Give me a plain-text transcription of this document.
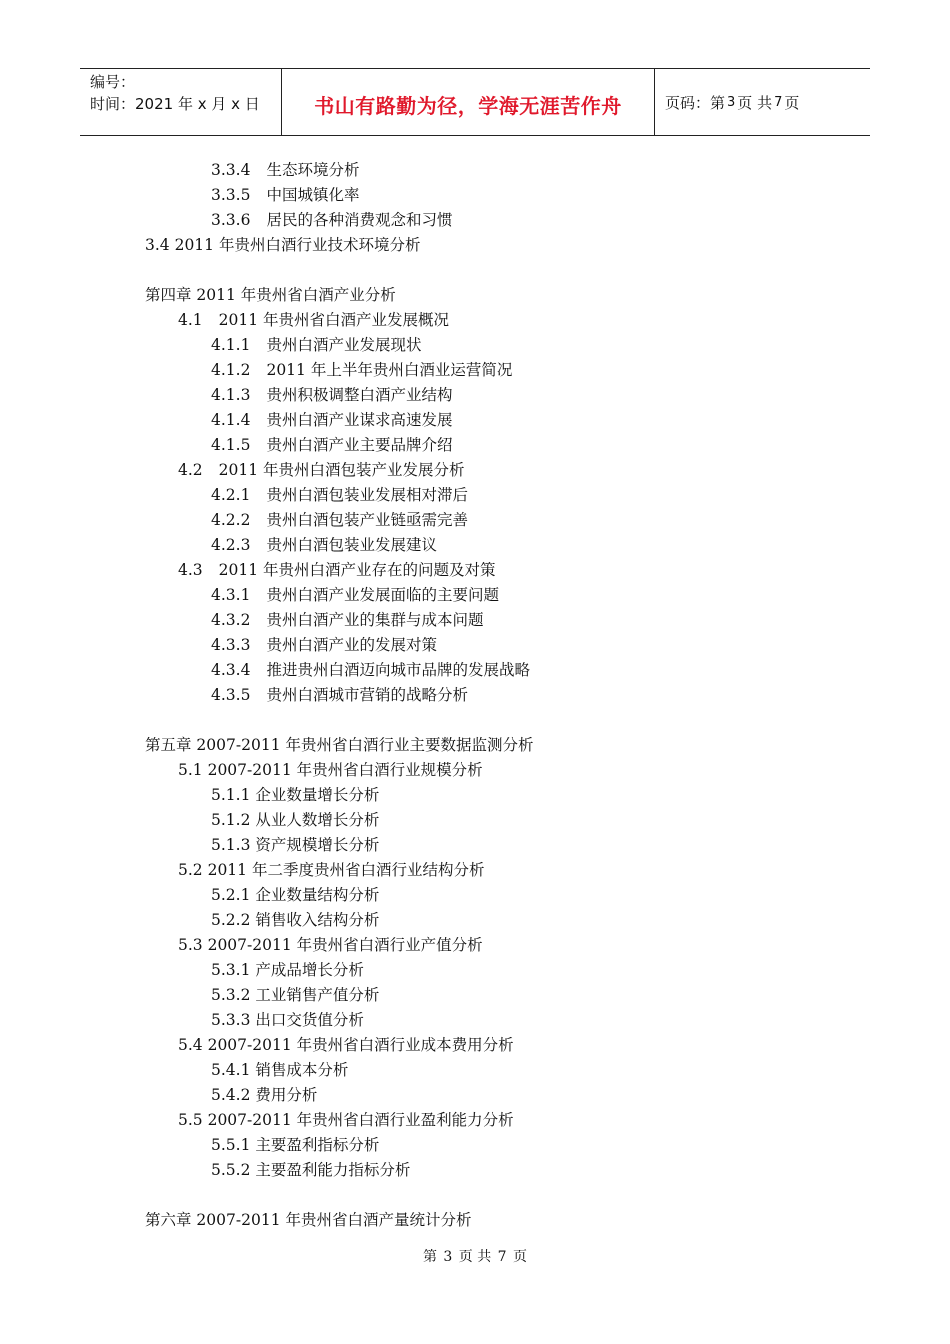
编号：
时间：2021 年 x 月 x 日	书山有路勤为径，学海无涯苦作舟	页码：第 3 页 共 7 页
3.3.4 生态环境分析
3.3.5 中国城镇化率
3.3.6 居民的各种消费观念和习惯
3.4 2011 年贵州白酒行业技术环境分析
第四章 2011 年贵州省白酒产业分析
4.1 2011 年贵州省白酒产业发展概况
4.1.1 贵州白酒产业发展现状
4.1.2 2011 年上半年贵州白酒业运营简况
4.1.3 贵州积极调整白酒产业结构
4.1.4 贵州白酒产业谋求高速发展
4.1.5 贵州白酒产业主要品牌介绍
4.2 2011 年贵州白酒包装产业发展分析
4.2.1 贵州白酒包装业发展相对滞后
4.2.2 贵州白酒包装产业链亟需完善
4.2.3 贵州白酒包装业发展建议
4.3 2011 年贵州白酒产业存在的问题及对策
4.3.1 贵州白酒产业发展面临的主要问题
4.3.2 贵州白酒产业的集群与成本问题
4.3.3 贵州白酒产业的发展对策
4.3.4 推进贵州白酒迈向城市品牌的发展战略
4.3.5 贵州白酒城市营销的战略分析
第五章 2007-2011 年贵州省白酒行业主要数据监测分析
5.1 2007-2011 年贵州省白酒行业规模分析
5.1.1 企业数量增长分析
5.1.2 从业人数增长分析
5.1.3 资产规模增长分析
5.2 2011 年二季度贵州省白酒行业结构分析
5.2.1 企业数量结构分析
5.2.2 销售收入结构分析
5.3 2007-2011 年贵州省白酒行业产值分析
5.3.1 产成品增长分析
5.3.2 工业销售产值分析
5.3.3 出口交货值分析
5.4 2007-2011 年贵州省白酒行业成本费用分析
5.4.1 销售成本分析
5.4.2 费用分析
5.5 2007-2011 年贵州省白酒行业盈利能力分析
5.5.1 主要盈利指标分析
5.5.2 主要盈利能力指标分析
第六章 2007-2011 年贵州省白酒产量统计分析
第 3 页 共 7 页
